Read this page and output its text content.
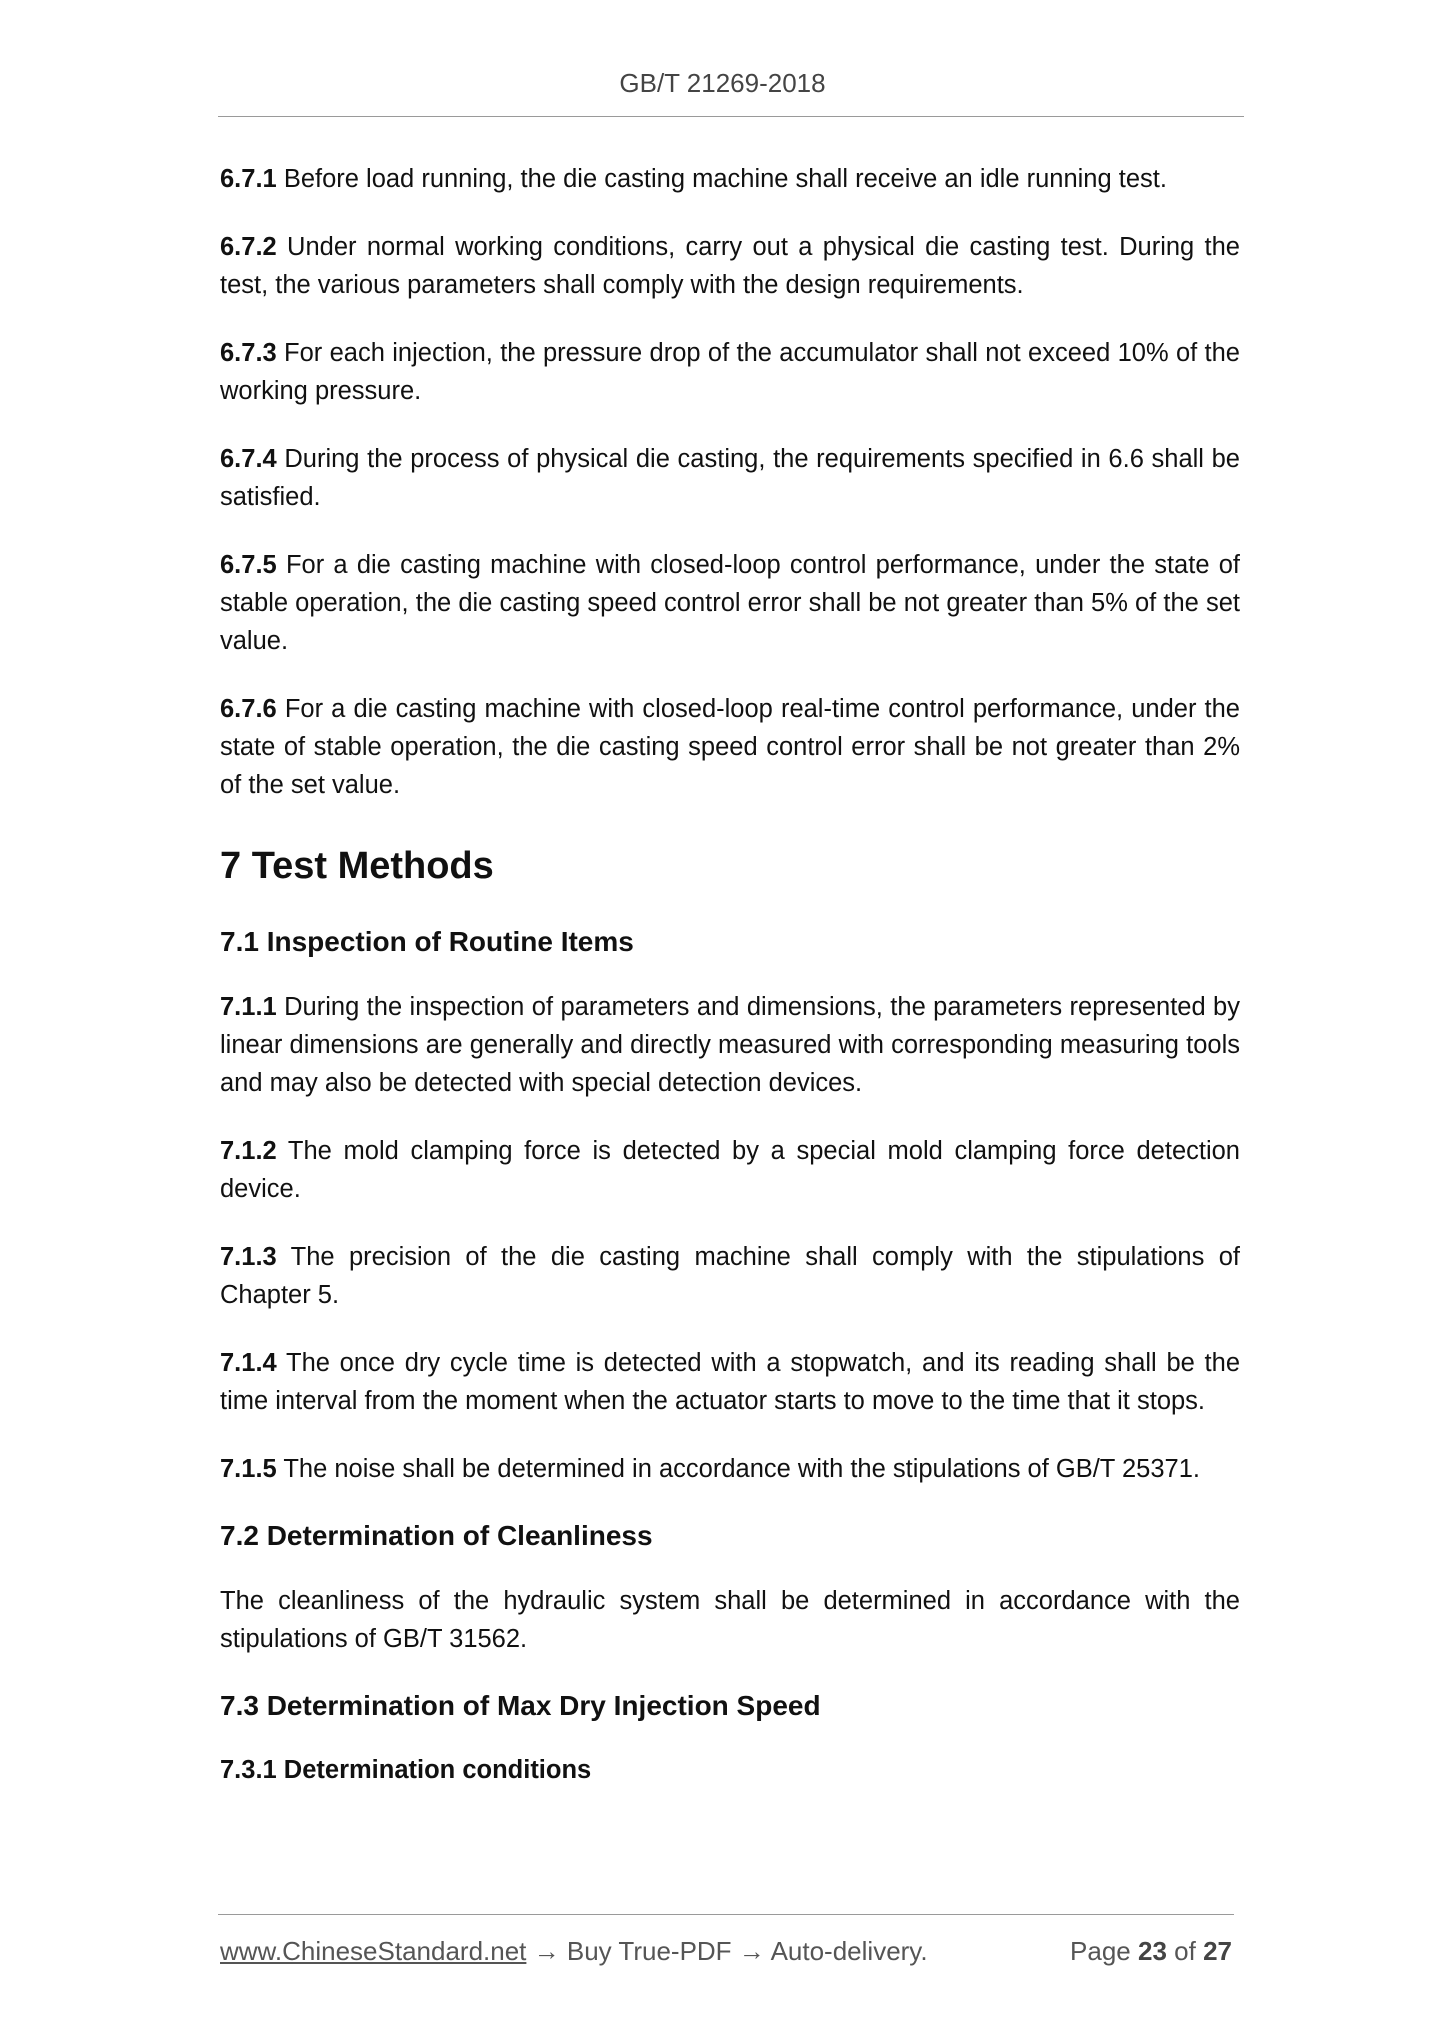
GB/T 21269-2018

6.7.1 Before load running, the die casting machine shall receive an idle running test.

6.7.2 Under normal working conditions, carry out a physical die casting test. During the test, the various parameters shall comply with the design requirements.

6.7.3 For each injection, the pressure drop of the accumulator shall not exceed 10% of the working pressure.

6.7.4 During the process of physical die casting, the requirements specified in 6.6 shall be satisfied.

6.7.5 For a die casting machine with closed-loop control performance, under the state of stable operation, the die casting speed control error shall be not greater than 5% of the set value.

6.7.6 For a die casting machine with closed-loop real-time control performance, under the state of stable operation, the die casting speed control error shall be not greater than 2% of the set value.

7 Test Methods
7.1 Inspection of Routine Items

7.1.1 During the inspection of parameters and dimensions, the parameters represented by linear dimensions are generally and directly measured with corresponding measuring tools and may also be detected with special detection devices.

7.1.2 The mold clamping force is detected by a special mold clamping force detection device.

7.1.3 The precision of the die casting machine shall comply with the stipulations of Chapter 5.

7.1.4 The once dry cycle time is detected with a stopwatch, and its reading shall be the time interval from the moment when the actuator starts to move to the time that it stops.

7.1.5 The noise shall be determined in accordance with the stipulations of GB/T 25371.

7.2 Determination of Cleanliness

The cleanliness of the hydraulic system shall be determined in accordance with the stipulations of GB/T 31562.

7.3 Determination of Max Dry Injection Speed
7.3.1 Determination conditions
www.ChineseStandard.net → Buy True-PDF → Auto-delivery.	Page 23 of 27
